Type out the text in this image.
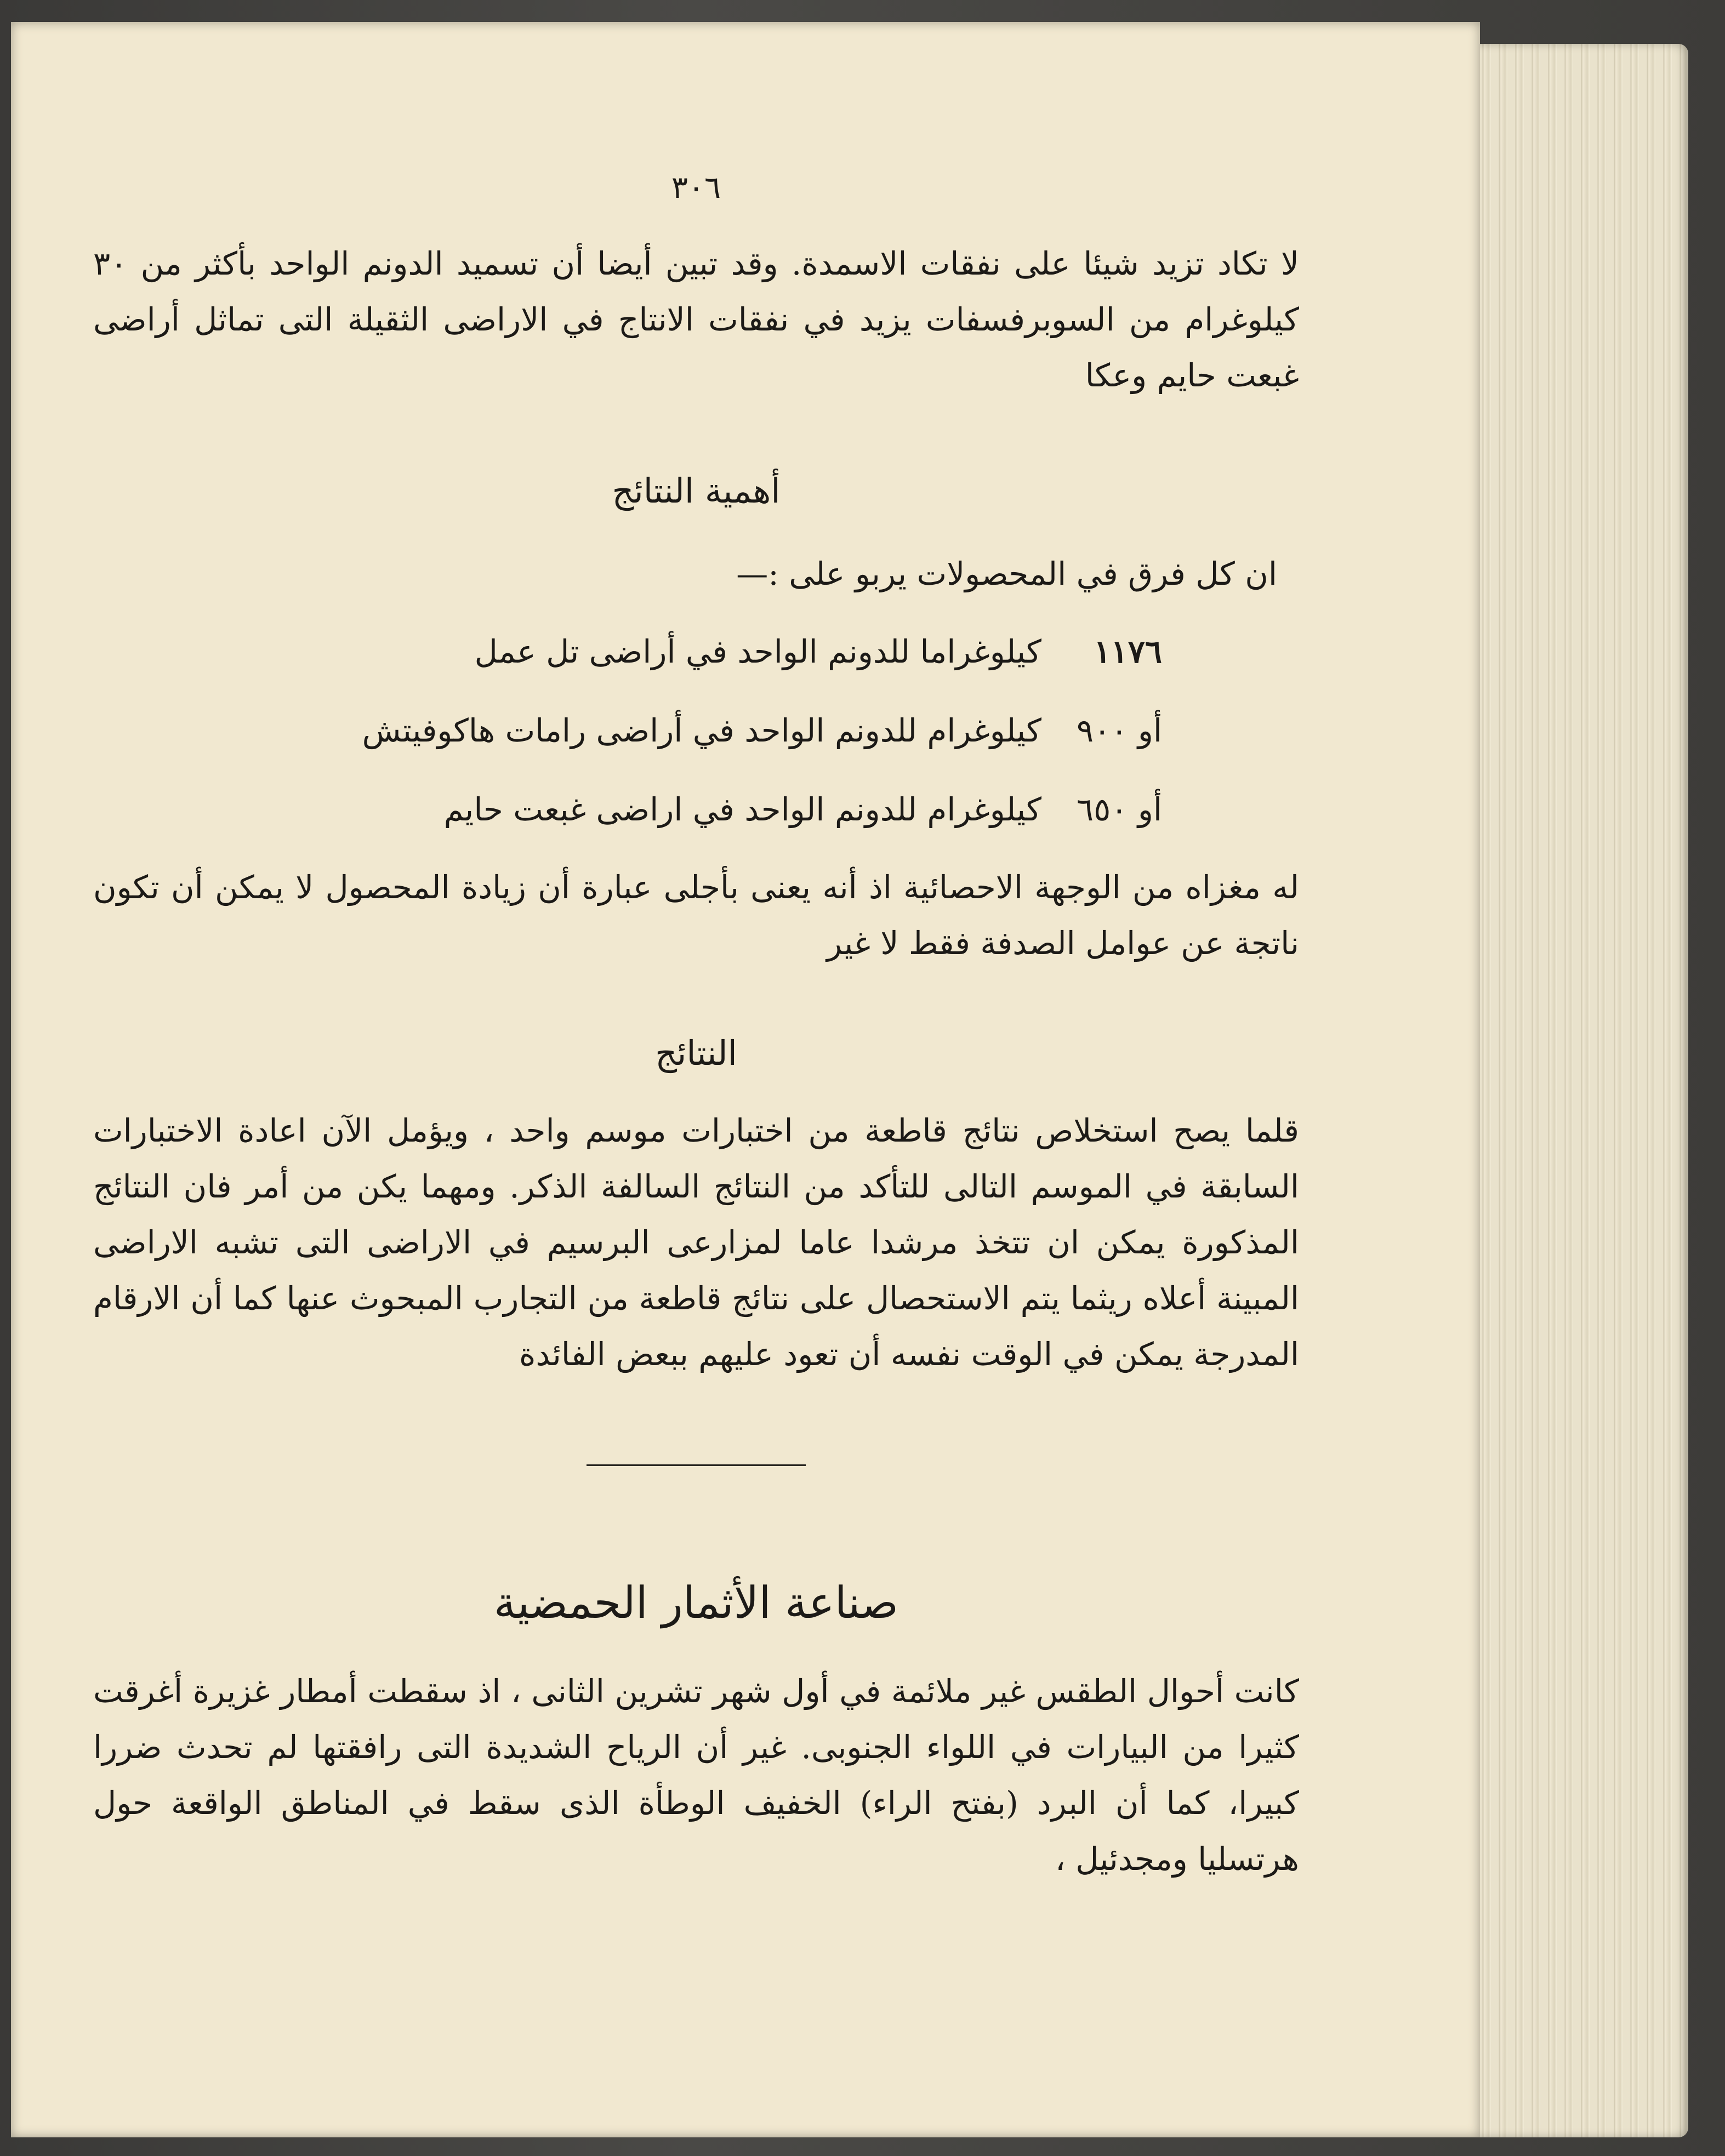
٣٠٦

لا تكاد تزيد شيئا على نفقات الاسمدة. وقد تبين أيضا أن تسميد الدونم الواحد بأكثر من ٣٠ كيلوغرام من السوبرفسفات يزيد في نفقات الانتاج في الاراضى الثقيلة التى تماثل أراضى غبعت حايم وعكا

أهمية النتائج

ان كل فرق في المحصولات يربو على :—

١١٧٦
كيلوغراما للدونم الواحد في أراضى تل عمل
أو ٩٠٠
كيلوغرام للدونم الواحد في أراضى رامات هاكوفيتش
أو ٦٥٠
كيلوغرام للدونم الواحد في اراضى غبعت حايم

له مغزاه من الوجهة الاحصائية اذ أنه يعنى بأجلى عبارة أن زيادة المحصول لا يمكن أن تكون ناتجة عن عوامل الصدفة فقط لا غير

النتائج

قلما يصح استخلاص نتائج قاطعة من اختبارات موسم واحد ، ويؤمل الآن اعادة الاختبارات السابقة في الموسم التالى للتأكد من النتائج السالفة الذكر. ومهما يكن من أمر فان النتائج المذكورة يمكن ان تتخذ مرشدا عاما لمزارعى البرسيم في الاراضى التى تشبه الاراضى المبينة أعلاه ريثما يتم الاستحصال على نتائج قاطعة من التجارب المبحوث عنها كما أن الارقام المدرجة يمكن في الوقت نفسه أن تعود عليهم ببعض الفائدة

صناعة الأثمار الحمضية

كانت أحوال الطقس غير ملائمة في أول شهر تشرين الثانى ، اذ سقطت أمطار غزيرة أغرقت كثيرا من البيارات في اللواء الجنوبى. غير أن الرياح الشديدة التى رافقتها لم تحدث ضررا كبيرا، كما أن البرد (بفتح الراء) الخفيف الوطأة الذى سقط في المناطق الواقعة حول هرتسليا ومجدئيل ،
